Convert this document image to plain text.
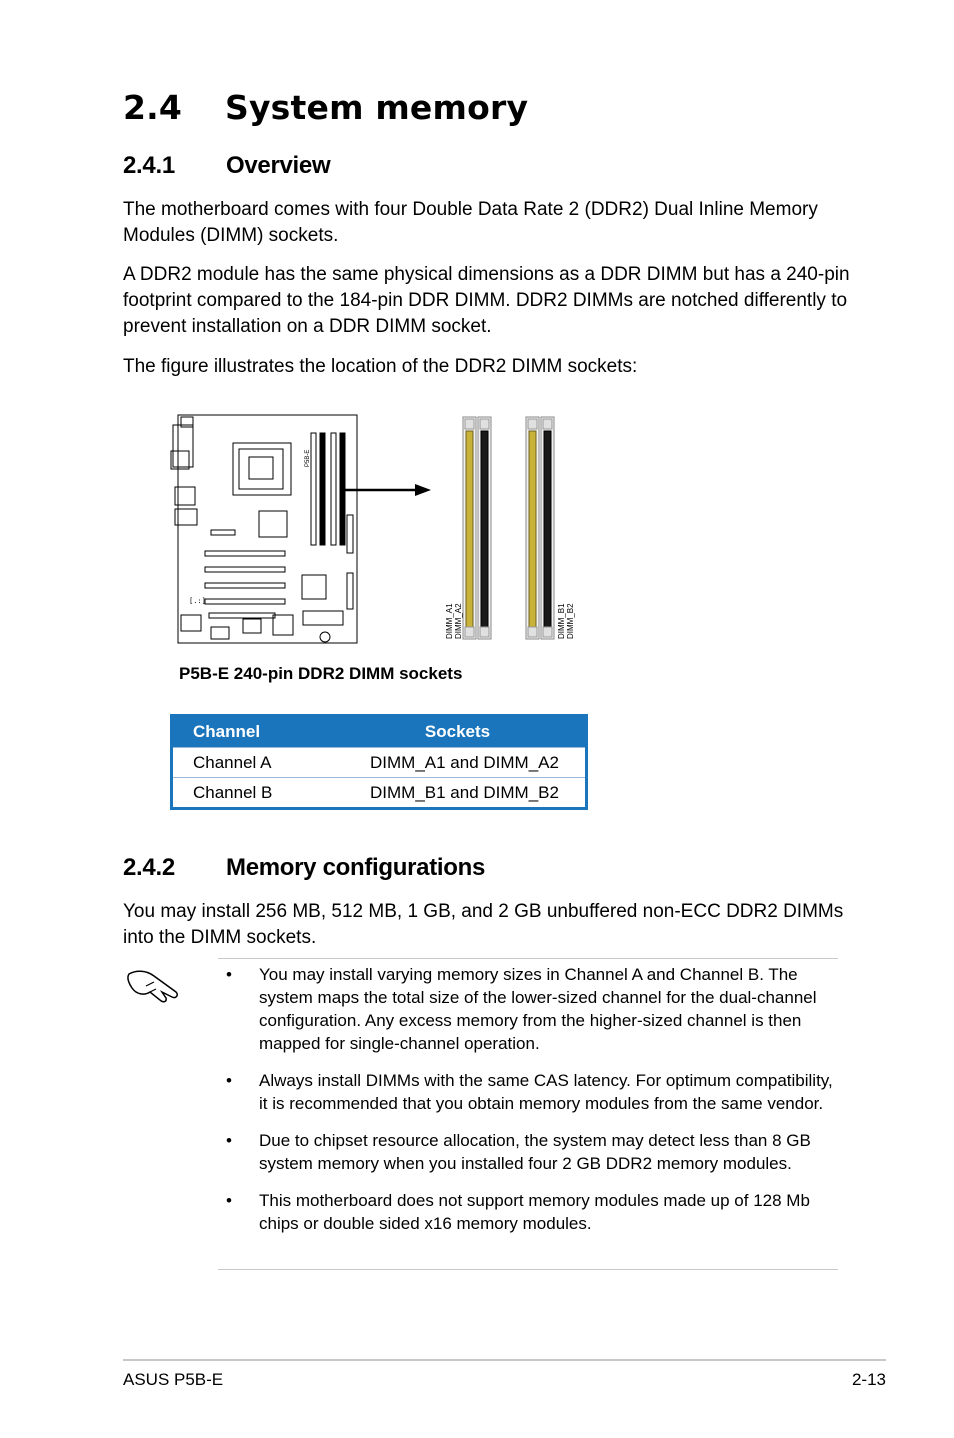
2.4 System memory
2.4.1 Overview
The motherboard comes with four Double Data Rate 2 (DDR2) Dual Inline Memory Modules (DIMM) sockets.
A DDR2 module has the same physical dimensions as a DDR DIMM but has a 240-pin footprint compared to the 184-pin DDR DIMM. DDR2 DIMMs are notched differently to prevent installation on a DDR DIMM socket.
The figure illustrates the location of the DDR2 DIMM sockets:
[.:]
P5B-E
DIMM_A1 DIMM_A2	DIMM_B1 DIMM_B2
P5B-E 240-pin DDR2 DIMM sockets
Channel	Sockets
Channel A	DIMM_A1 and DIMM_A2
Channel B	DIMM_B1 and DIMM_B2
2.4.2 Memory configurations
You may install 256 MB, 512 MB, 1 GB, and 2 GB unbuffered non-ECC DDR2 DIMMs into the DIMM sockets.
• You may install varying memory sizes in Channel A and Channel B. The system maps the total size of the lower-sized channel for the dual-channel configuration. Any excess memory from the higher-sized channel is then mapped for single-channel operation.
• Always install DIMMs with the same CAS latency. For optimum compatibility, it is recommended that you obtain memory modules from the same vendor.
• Due to chipset resource allocation, the system may detect less than 8 GB system memory when you installed four 2 GB DDR2 memory modules.
• This motherboard does not support memory modules made up of 128 Mb chips or double sided x16 memory modules.
ASUS P5B-E	2-13
